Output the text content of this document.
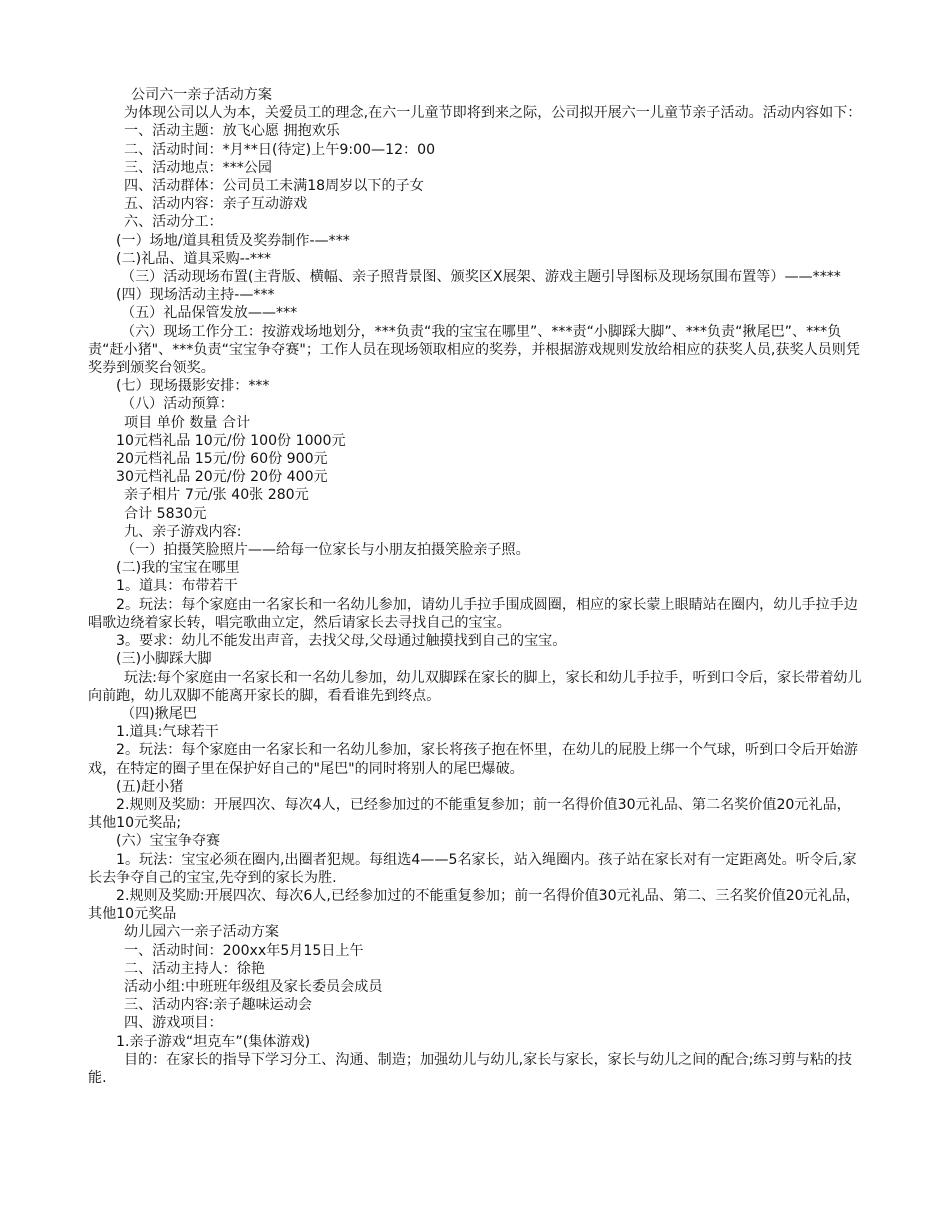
公司六一亲子活动方案

为体现公司以人为本，关爱员工的理念,在六一儿童节即将到来之际，公司拟开展六一儿童节亲子活动。活动内容如下：

一、活动主题：放飞心愿 拥抱欢乐

二、活动时间：*月**日(待定)上午9:00—12：00

三、活动地点：***公园

四、活动群体：公司员工未满18周岁以下的子女

五、活动内容：亲子互动游戏

六、活动分工：

(一）场地/道具租赁及奖券制作-—***

(二)礼品、道具采购--***

（三）活动现场布置(主背版、横幅、亲子照背景图、颁奖区X展架、游戏主题引导图标及现场氛围布置等）——****

(四）现场活动主持-—***

（五）礼品保管发放——***

（六）现场工作分工：按游戏场地划分，***负责“我的宝宝在哪里”、***责“小脚踩大脚”、***负责“揪尾巴”、***负责“赶小猪"、***负责“宝宝争夺赛"；工作人员在现场领取相应的奖券，并根据游戏规则发放给相应的获奖人员,获奖人员则凭奖券到颁奖台领奖。

(七）现场摄影安排：***

（八）活动预算：

项目 单价 数量 合计

10元档礼品 10元/份 100份 1000元

20元档礼品 15元/份 60份 900元

30元档礼品 20元/份 20份 400元

亲子相片 7元/张 40张 280元

合计 5830元

九、亲子游戏内容:

（一）拍摄笑脸照片——给每一位家长与小朋友拍摄笑脸亲子照。

(二)我的宝宝在哪里

1。道具：布带若干

2。玩法：每个家庭由一名家长和一名幼儿参加，请幼儿手拉手围成圆圈，相应的家长蒙上眼睛站在圈内，幼儿手拉手边唱歌边绕着家长转，唱完歌曲立定，然后请家长去寻找自己的宝宝。

3。要求：幼儿不能发出声音，去找父母,父母通过触摸找到自己的宝宝。

(三)小脚踩大脚

玩法:每个家庭由一名家长和一名幼儿参加，幼儿双脚踩在家长的脚上，家长和幼儿手拉手，听到口令后，家长带着幼儿向前跑，幼儿双脚不能离开家长的脚，看看谁先到终点。

（四)揪尾巴

1.道具:气球若干

2。玩法：每个家庭由一名家长和一名幼儿参加，家长将孩子抱在怀里，在幼儿的屁股上绑一个气球，听到口令后开始游戏，在特定的圈子里在保护好自己的"尾巴"的同时将别人的尾巴爆破。

(五)赶小猪

2.规则及奖励：开展四次、每次4人，已经参加过的不能重复参加；前一名得价值30元礼品、第二名奖价值20元礼品，其他10元奖品;

(六）宝宝争夺赛

1。玩法：宝宝必须在圈内,出圈者犯规。每组选4——5名家长，站入绳圈内。孩子站在家长对有一定距离处。听令后,家长去争夺自己的宝宝,先夺到的家长为胜.

2.规则及奖励:开展四次、每次6人,已经参加过的不能重复参加；前一名得价值30元礼品、第二、三名奖价值20元礼品，其他10元奖品

幼儿园六一亲子活动方案

一、活动时间：200xx年5月15日上午

二、活动主持人：徐艳

活动小组:中班班年级组及家长委员会成员

三、活动内容:亲子趣味运动会

四、游戏项目：

1.亲子游戏“坦克车”(集体游戏)

目的：在家长的指导下学习分工、沟通、制造；加强幼儿与幼儿,家长与家长，家长与幼儿之间的配合;练习剪与粘的技能.
